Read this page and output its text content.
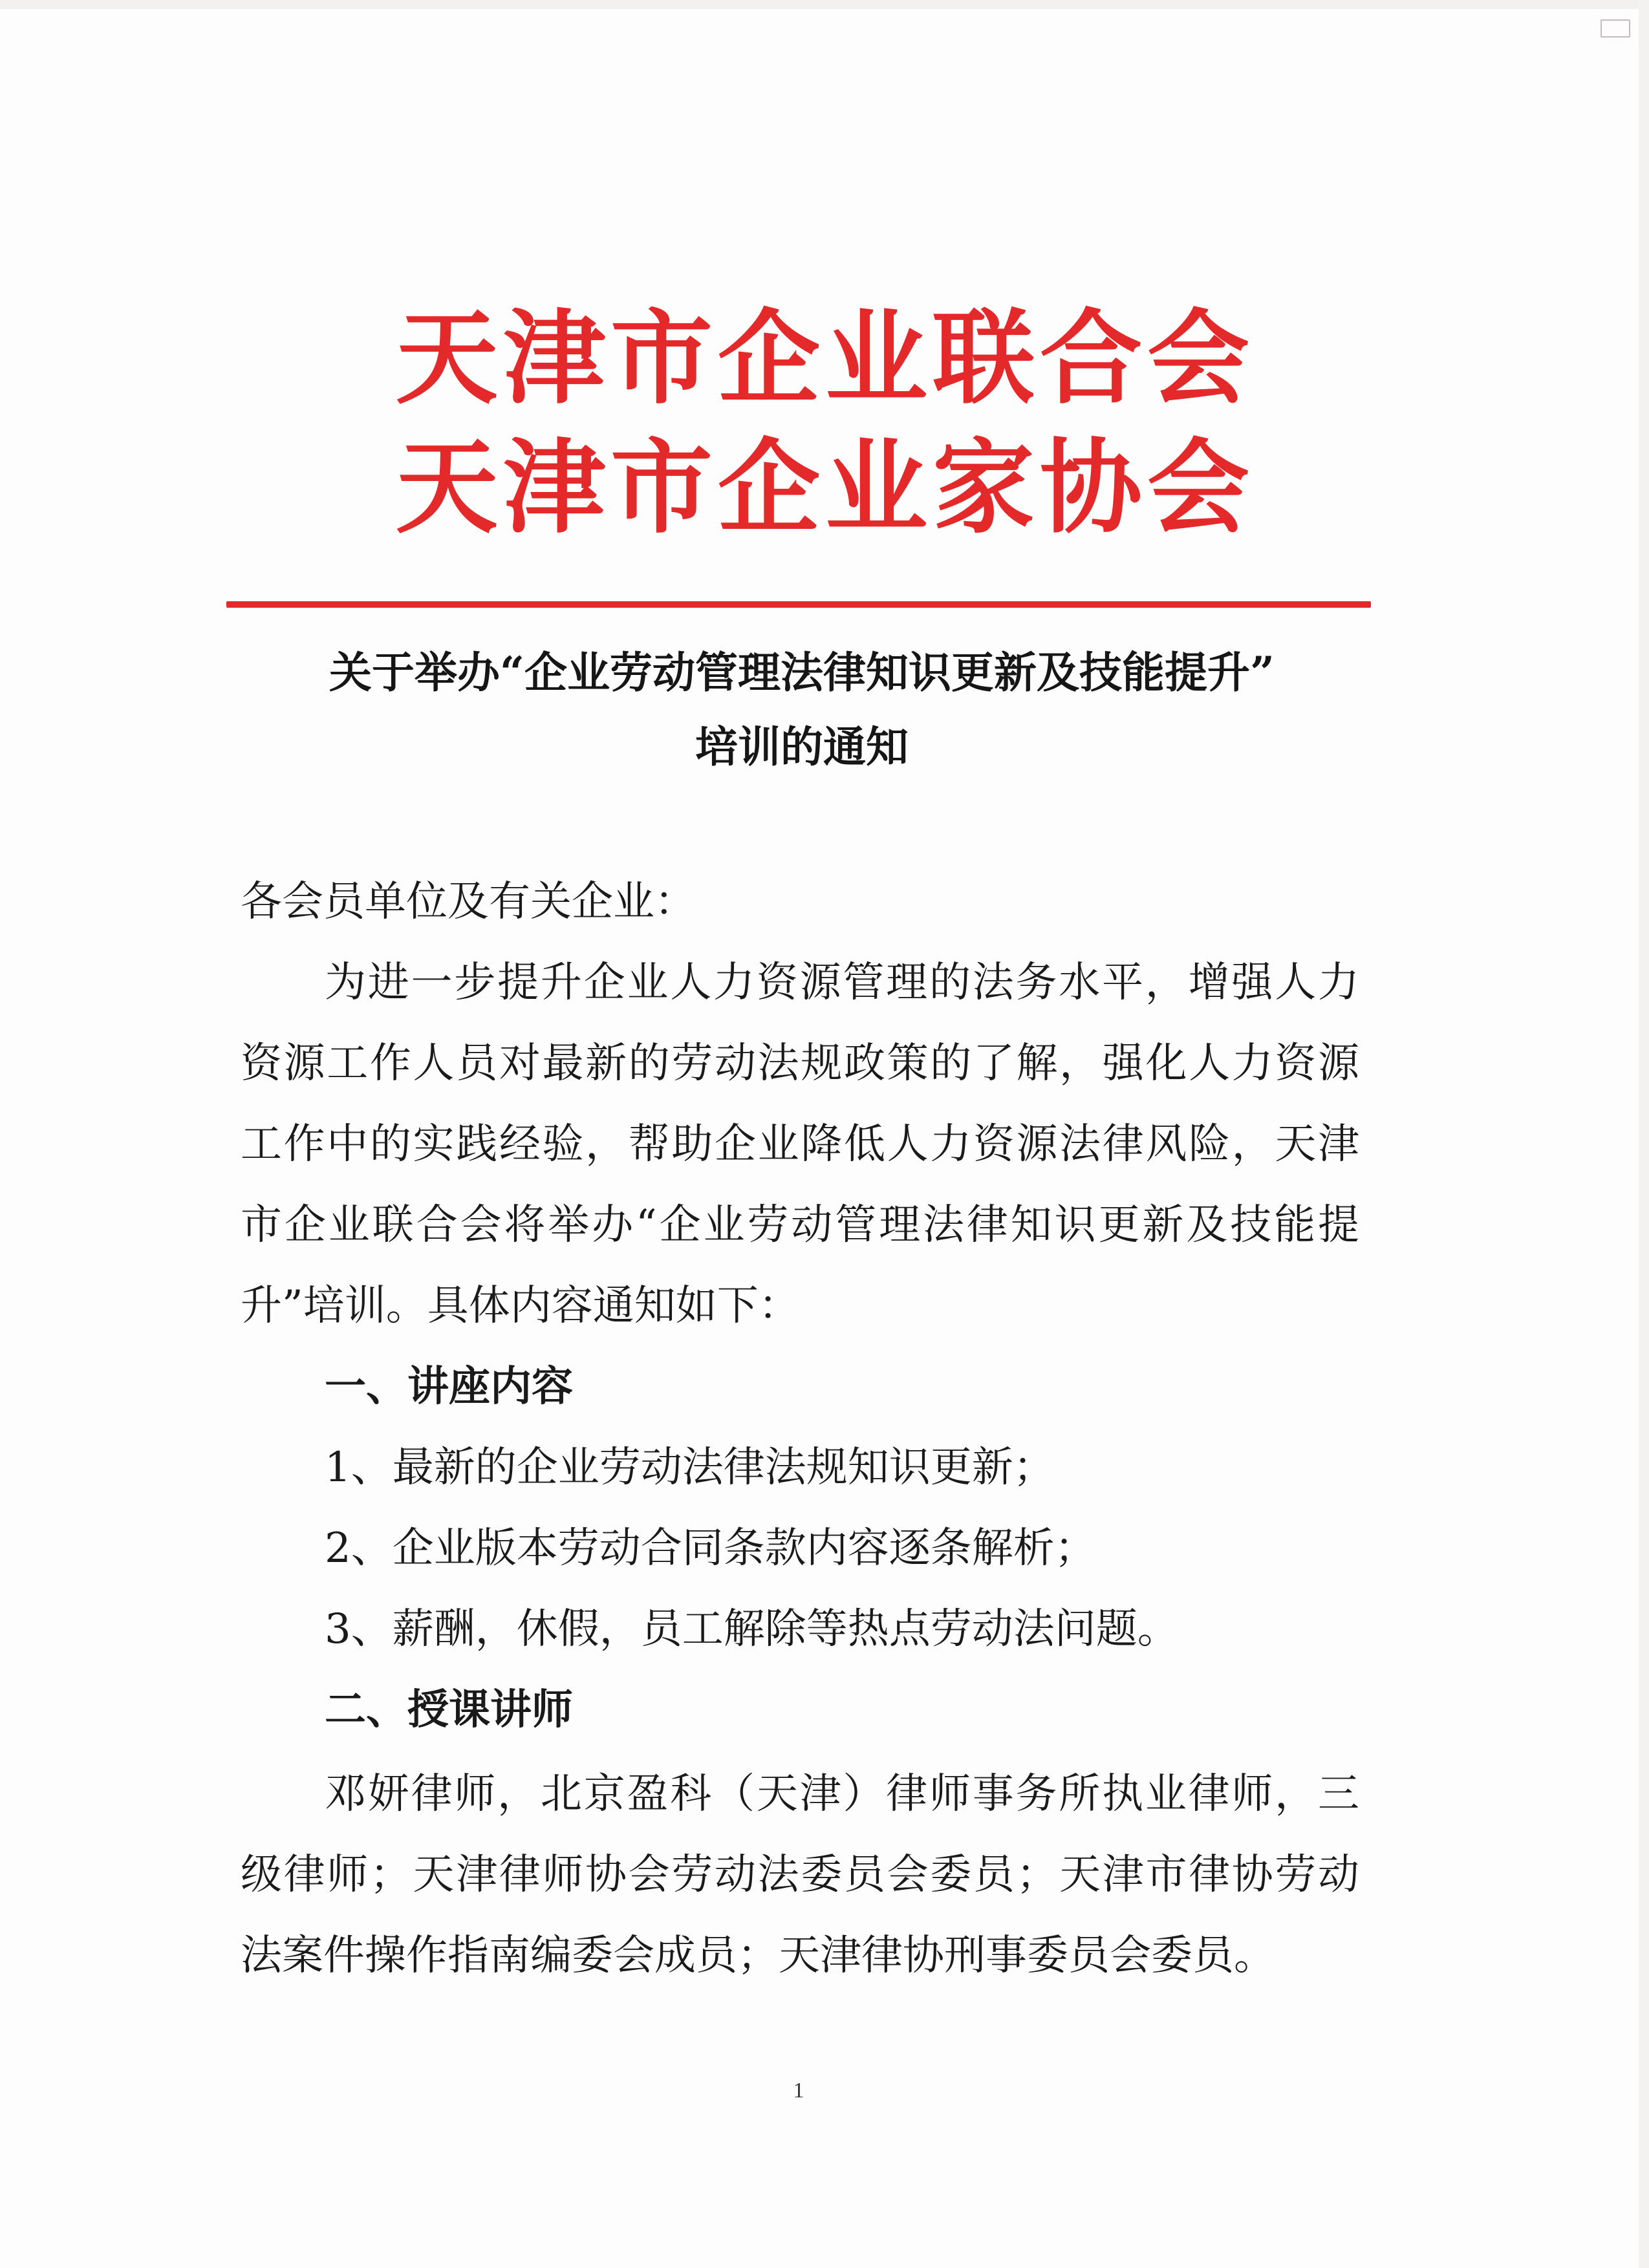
天津市企业联合会
天津市企业家协会
关于举办“企业劳动管理法律知识更新及技能提升”
培训的通知
各会员单位及有关企业：
为进一步提升企业人力资源管理的法务水平，增强人力
资源工作人员对最新的劳动法规政策的了解，强化人力资源
工作中的实践经验，帮助企业降低人力资源法律风险，天津
市企业联合会将举办“企业劳动管理法律知识更新及技能提
升”培训。具体内容通知如下：
一、讲座内容
1、最新的企业劳动法律法规知识更新；
2、企业版本劳动合同条款内容逐条解析；
3、薪酬，休假，员工解除等热点劳动法问题。
二、授课讲师
邓妍律师，北京盈科（天津）律师事务所执业律师，三
级律师；天津律师协会劳动法委员会委员；天津市律协劳动
法案件操作指南编委会成员；天津律协刑事委员会委员。
1
